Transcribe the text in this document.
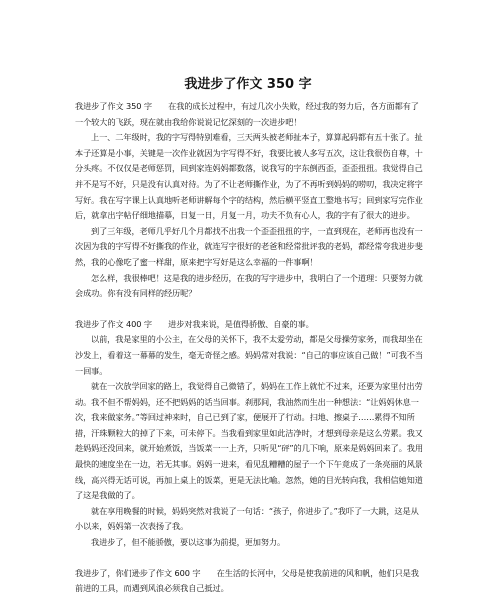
我进步了作文 350 字

我进步了作文 350 字　　在我的成长过程中，有过几次小失败，经过我的努力后，各方面都有了一个较大的飞跃，现在就由我给你说说记忆深刻的一次进步吧！

上一、二年级时，我的字写得特别难看，三天两头被老师扯本子，算算起码都有五十张了。扯本子还算是小事，关键是一次作业就因为字写得不好，我要比被人多写五次，这让我很伤自尊，十分头疼。不仅仅是老师惩罚，回到家连妈妈都数落，说我写的字东倒西歪，歪歪扭扭。我觉得自己并不是写不好，只是没有认真对待。为了不让老师撕作业，为了不再听到妈妈的唠叨，我决定将字写好。我在写字课上认真地听老师讲解每个字的结构，然后横平竖直工整地书写；回到家写完作业后，就拿出字帖仔细地描摹，日复一日，月复一月，功夫不负有心人，我的字有了很大的进步。

到了三年级，老师几乎好几个月都找不出我一个歪歪扭扭的字，一直到现在，老师再也没有一次因为我的字写得不好撕我的作业，就连写字很好的老爸和经常批评我的老妈，都经常夸我进步斐然，我的心像吃了蜜一样甜，原来把字写好是这么幸福的一件事啊！

怎么样，我很棒吧！这是我的进步经历，在我的写字进步中，我明白了一个道理：只要努力就会成功。你有没有同样的经历呢？

我进步了作文 400 字　　进步对我来说，是值得骄傲、自豪的事。

以前，我是家里的小公主，在父母的关怀下，我不太爱劳动，都是父母操劳家务，而我却坐在沙发上，看着这一幕幕的发生，毫无奇怪之感。妈妈常对我说：“自己的事应该自己做！”可我不当一回事。

就在一次放学回家的路上，我觉得自己微错了，妈妈在工作上就忙不过来，还要为家里付出劳动。我不但不帮妈妈，还不把妈妈的话当回事。刹那间，我油然而生出一种想法：“让妈妈休息一次，我来做家务。”等回过神来时，自己已到了家，便展开了行动。扫地、擦桌子……累得不知所措，汗珠颗粒大的掉了下来，可未停下。当我看到家里如此洁净时，才想到母亲是这么劳累。我又趁妈妈还没回来，就开始煮饭，当饭菜一一上齐，只听见“砰”的几下响，原来是妈妈回来了。我用最快的速度坐在一边，若无其事。妈妈一进来，看见乱糟糟的屋子一个下午竟成了一条亮丽的风景线，高兴得无话可说，再加上桌上的饭菜，更是无法比喻。忽然，她的目光转向我，我相信她知道了这是我做的了。

就在享用晚餐的时候，妈妈突然对我说了一句话：“孩子，你进步了。”我吓了一大跳，这是从小以来，妈妈第一次表扬了我。

我进步了，但不能骄傲，要以这事为前提，更加努力。

我进步了，你们逊步了作文 600 字　　在生活的长河中，父母是使我前进的风和帆，他们只是我前进的工具，而遇到风浪必须我自己抵过。
